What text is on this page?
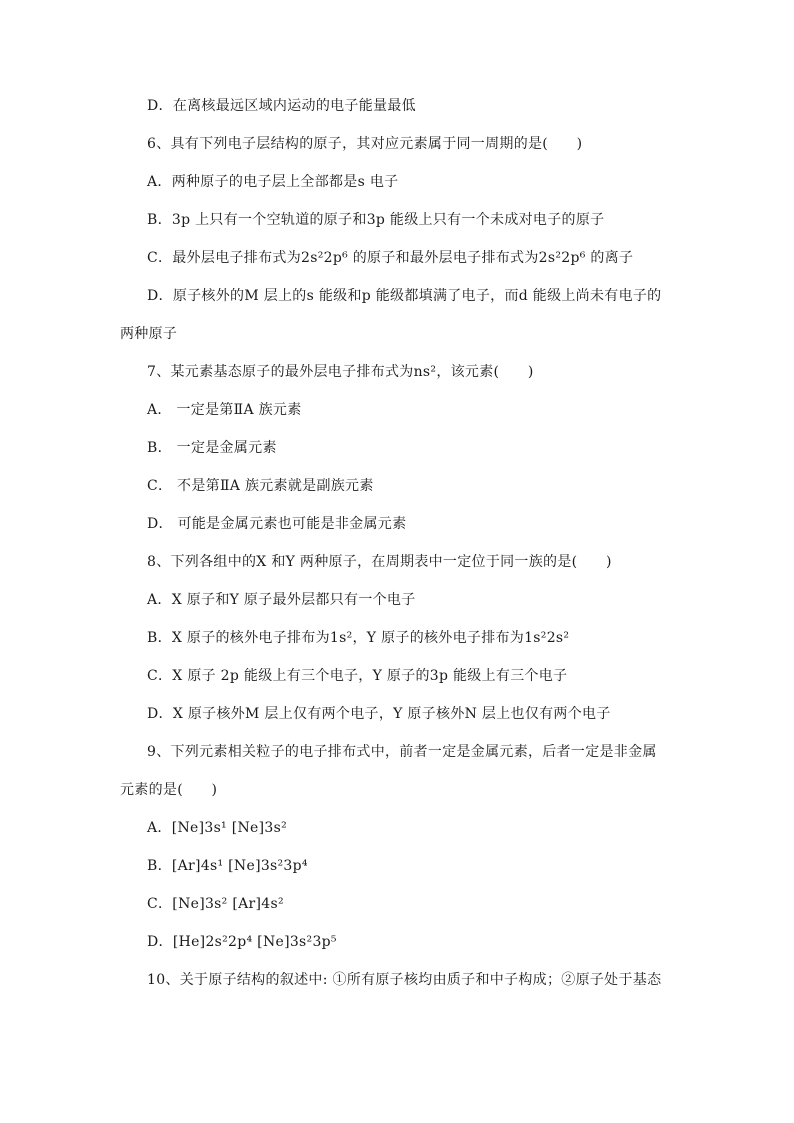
D．在离核最远区域内运动的电子能量最低
6、具有下列电子层结构的原子，其对应元素属于同一周期的是(　　)
A．两种原子的电子层上全部都是s 电子
B．3p 上只有一个空轨道的原子和3p 能级上只有一个未成对电子的原子
C．最外层电子排布式为2s²2p⁶ 的原子和最外层电子排布式为2s²2p⁶ 的离子
D．原子核外的M 层上的s 能级和p 能级都填满了电子，而d 能级上尚未有电子的
两种原子
7、某元素基态原子的最外层电子排布式为ns²，该元素(　　)
A． 一定是第ⅡA 族元素
B． 一定是金属元素
C． 不是第ⅡA 族元素就是副族元素
D． 可能是金属元素也可能是非金属元素
8、下列各组中的X 和Y 两种原子，在周期表中一定位于同一族的是(　　)
A．X 原子和Y 原子最外层都只有一个电子
B．X 原子的核外电子排布为1s²，Y 原子的核外电子排布为1s²2s²
C．X 原子 2p 能级上有三个电子，Y 原子的3p 能级上有三个电子
D．X 原子核外M 层上仅有两个电子，Y 原子核外N 层上也仅有两个电子
9、下列元素相关粒子的电子排布式中，前者一定是金属元素，后者一定是非金属
元素的是(　　)
A．[Ne]3s¹ [Ne]3s²
B．[Ar]4s¹ [Ne]3s²3p⁴
C．[Ne]3s² [Ar]4s²
D．[He]2s²2p⁴ [Ne]3s²3p⁵
10、关于原子结构的叙述中: ①所有原子核均由质子和中子构成；②原子处于基态
